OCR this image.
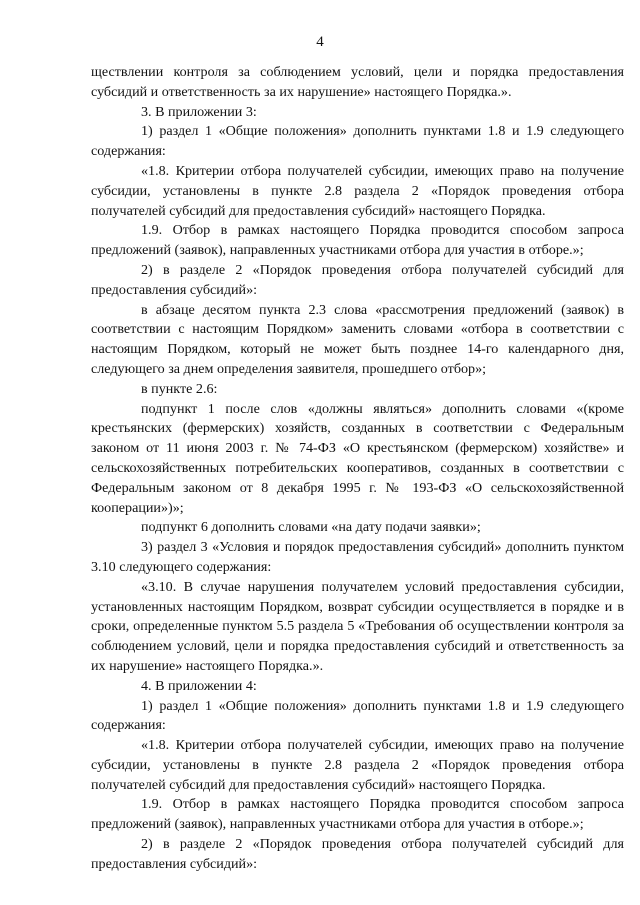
4

ществлении контроля за соблюдением условий, цели и порядка предоставления субсидий и ответственность за их нарушение» настоящего Порядка.».

3. В приложении 3:

1) раздел 1 «Общие положения» дополнить пунктами 1.8 и 1.9 следующего содержания:

«1.8. Критерии отбора получателей субсидии, имеющих право на получение субсидии, установлены в пункте 2.8 раздела 2 «Порядок проведения отбора получателей субсидий для предоставления субсидий» настоящего Порядка.

1.9. Отбор в рамках настоящего Порядка проводится способом запроса предложений (заявок), направленных участниками отбора для участия в отборе.»;

2) в разделе 2 «Порядок проведения отбора получателей субсидий для предоставления субсидий»:

в абзаце десятом пункта 2.3 слова «рассмотрения предложений (заявок) в соответствии с настоящим Порядком» заменить словами «отбора в соответствии с настоящим Порядком, который не может быть позднее 14-го календарного дня, следующего за днем определения заявителя, прошедшего отбор»;

в пункте 2.6:

подпункт 1 после слов «должны являться» дополнить словами «(кроме крестьянских (фермерских) хозяйств, созданных в соответствии с Федеральным законом от 11 июня 2003 г. № 74-ФЗ «О крестьянском (фермерском) хозяйстве» и сельскохозяйственных потребительских кооперативов, созданных в соответствии с Федеральным законом от 8 декабря 1995 г. № 193-ФЗ «О сельскохозяйственной кооперации»)»;

подпункт 6 дополнить словами «на дату подачи заявки»;

3) раздел 3 «Условия и порядок предоставления субсидий» дополнить пунктом 3.10 следующего содержания:

«3.10. В случае нарушения получателем условий предоставления субсидии, установленных настоящим Порядком, возврат субсидии осуществляется в порядке и в сроки, определенные пунктом 5.5 раздела 5 «Требования об осуществлении контроля за соблюдением условий, цели и порядка предоставления субсидий и ответственность за их нарушение» настоящего Порядка.».

4. В приложении 4:

1) раздел 1 «Общие положения» дополнить пунктами 1.8 и 1.9 следующего содержания:

«1.8. Критерии отбора получателей субсидии, имеющих право на получение субсидии, установлены в пункте 2.8 раздела 2 «Порядок проведения отбора получателей субсидий для предоставления субсидий» настоящего Порядка.

1.9. Отбор в рамках настоящего Порядка проводится способом запроса предложений (заявок), направленных участниками отбора для участия в отборе.»;

2) в разделе 2 «Порядок проведения отбора получателей субсидий для предоставления субсидий»:
